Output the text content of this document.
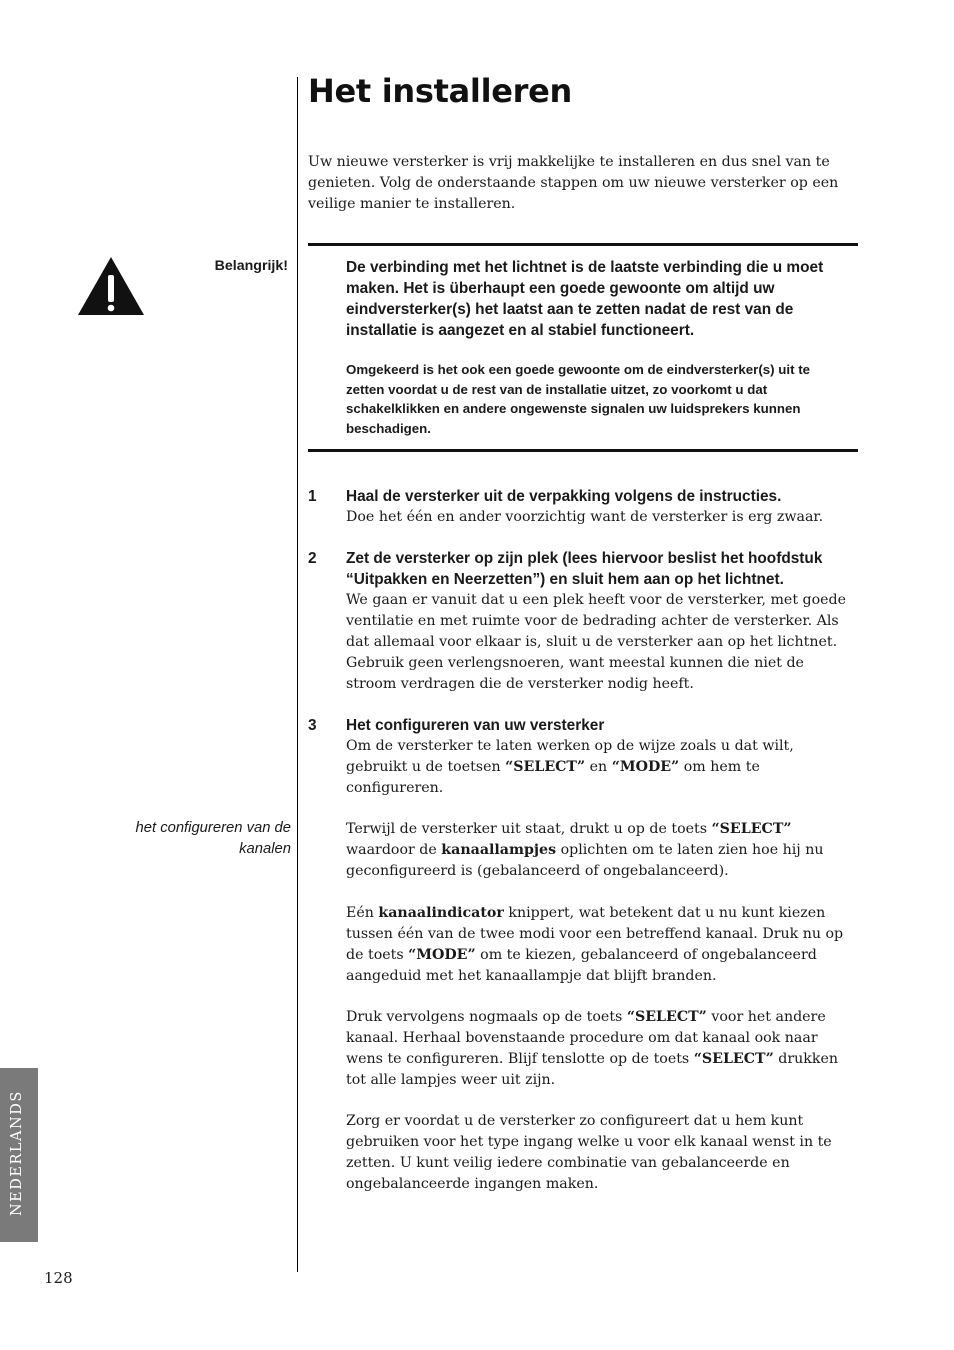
Het installeren
Uw nieuwe versterker is vrij makkelijke te installeren en dus snel van te genieten. Volg de onderstaande stappen om uw nieuwe versterker op een veilige manier te installeren.
Belangrijk!	De verbinding met het lichtnet is de laatste verbinding die u moet maken. Het is überhaupt een goede gewoonte om altijd uw eindversterker(s) het laatst aan te zetten nadat de rest van de installatie is aangezet en al stabiel functioneert.
Omgekeerd is het ook een goede gewoonte om de eindversterker(s) uit te zetten voordat u de rest van de installatie uitzet, zo voorkomt u dat schakelklikken en andere ongewenste signalen uw luidsprekers kunnen beschadigen.
1	Haal de versterker uit de verpakking volgens de instructies.
Doe het één en ander voorzichtig want de versterker is erg zwaar.
2	Zet de versterker op zijn plek (lees hiervoor beslist het hoofdstuk “Uitpakken en Neerzetten”) en sluit hem aan op het lichtnet.
We gaan er vanuit dat u een plek heeft voor de versterker, met goede ventilatie en met ruimte voor de bedrading achter de versterker. Als dat allemaal voor elkaar is, sluit u de versterker aan op het lichtnet. Gebruik geen verlengsnoeren, want meestal kunnen die niet de stroom verdragen die de versterker nodig heeft.
3	Het configureren van uw versterker
Om de versterker te laten werken op de wijze zoals u dat wilt, gebruikt u de toetsen “SELECT” en “MODE” om hem te configureren.
het configureren van de kanalen
Terwijl de versterker uit staat, drukt u op de toets “SELECT” waardoor de kanaallampjes oplichten om te laten zien hoe hij nu geconfigureerd is (gebalanceerd of ongebalanceerd).
Eén kanaalindicator knippert, wat betekent dat u nu kunt kiezen tussen één van de twee modi voor een betreffend kanaal. Druk nu op de toets “MODE” om te kiezen, gebalanceerd of ongebalanceerd aangeduid met het kanaallampje dat blijft branden.
Druk vervolgens nogmaals op de toets “SELECT” voor het andere kanaal. Herhaal bovenstaande procedure om dat kanaal ook naar wens te configureren. Blijf tenslotte op de toets “SELECT” drukken tot alle lampjes weer uit zijn.
Zorg er voordat u de versterker zo configureert dat u hem kunt gebruiken voor het type ingang welke u voor elk kanaal wenst in te zetten. U kunt veilig iedere combinatie van gebalanceerde en ongebalanceerde ingangen maken.
NEDERLANDS
128
